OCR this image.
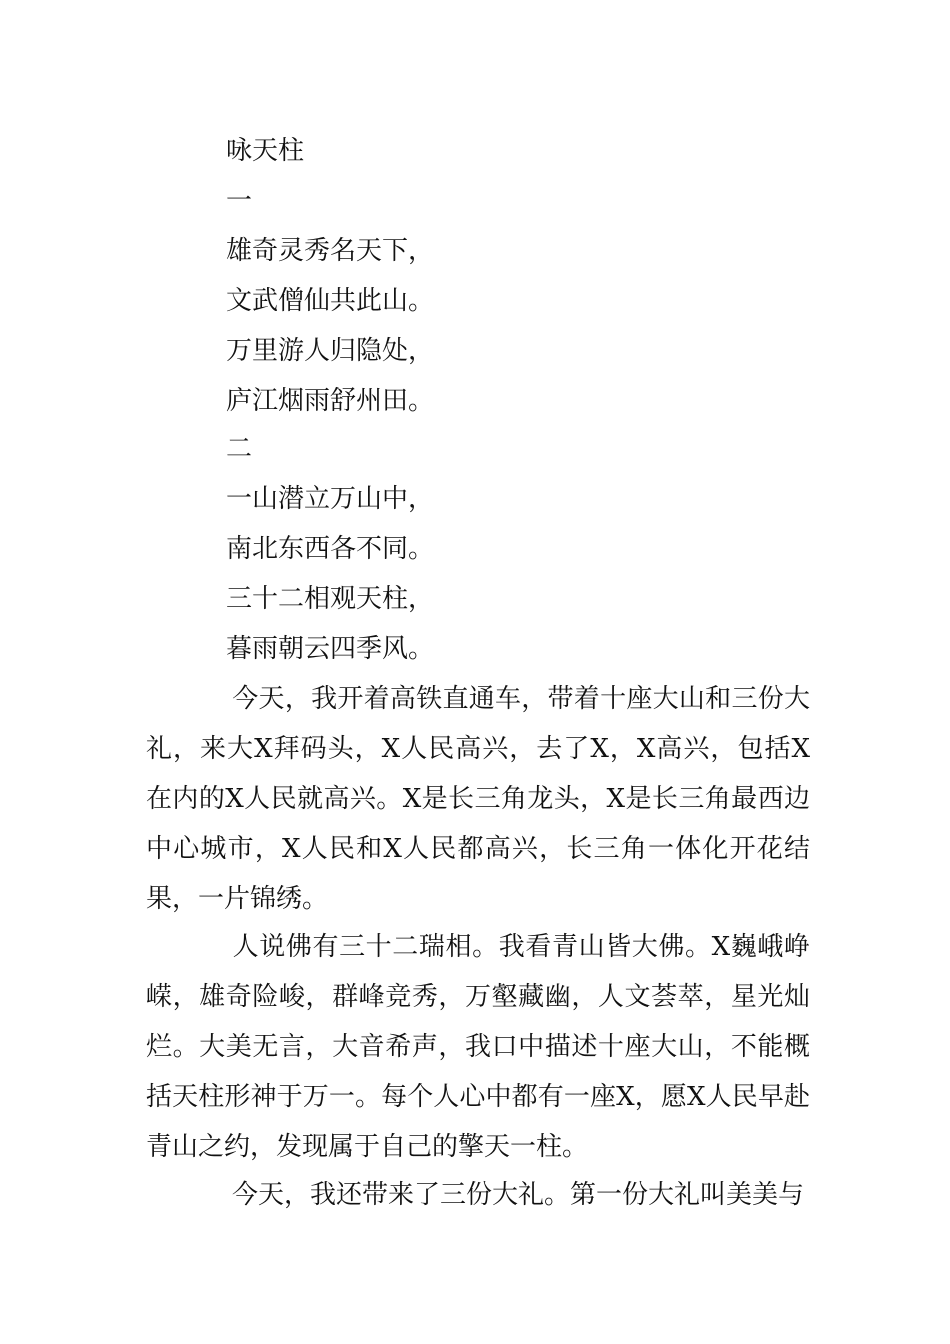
咏天柱
一
雄奇灵秀名天下，
文武僧仙共此山。
万里游人归隐处，
庐江烟雨舒州田。
二
一山潜立万山中，
南北东西各不同。
三十二相观天柱，
暮雨朝云四季风。
今天，我开着高铁直通车，带着十座大山和三份大礼，来大X拜码头，X人民高兴，去了X，X高兴，包括X在内的X人民就高兴。X是长三角龙头，X是长三角最西边中心城市，X人民和X人民都高兴，长三角一体化开花结果，一片锦绣。
人说佛有三十二瑞相。我看青山皆大佛。X巍峨峥嵘，雄奇险峻，群峰竞秀，万壑藏幽，人文荟萃，星光灿烂。大美无言，大音希声，我口中描述十座大山，不能概括天柱形神于万一。每个人心中都有一座X，愿X人民早赴青山之约，发现属于自己的擎天一柱。
今天，我还带来了三份大礼。第一份大礼叫美美与
